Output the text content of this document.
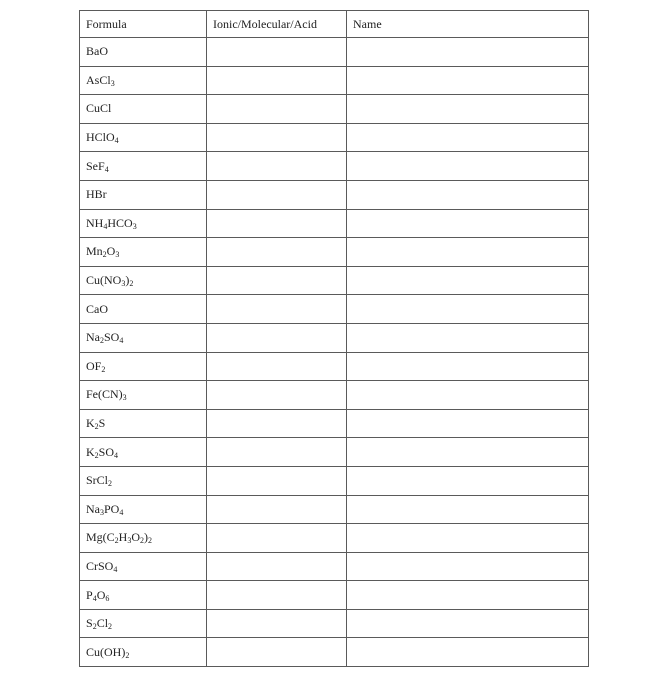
Formula	Ionic/Molecular/Acid	Name
BaO		
AsCl$_3$		
CuCl		
HClO$_4$		
SeF$_4$		
HBr		
$NH_4HCO_3$		
$Mn_2O_3$		
$Cu(NO_3)_2$		
CaO		
$Na_2SO_4$		
$OF_2$		
$Fe(CN)_3$		
$K_2S$		
$K_2SO_4$		
SrCl$_2$		
$Na_3PO_4$		
$Mg(C_2H_3O_2)_2$		
CrSO$_4$		
$P_4O_6$		
$S_2Cl_2$		
$Cu(OH)_2$		
